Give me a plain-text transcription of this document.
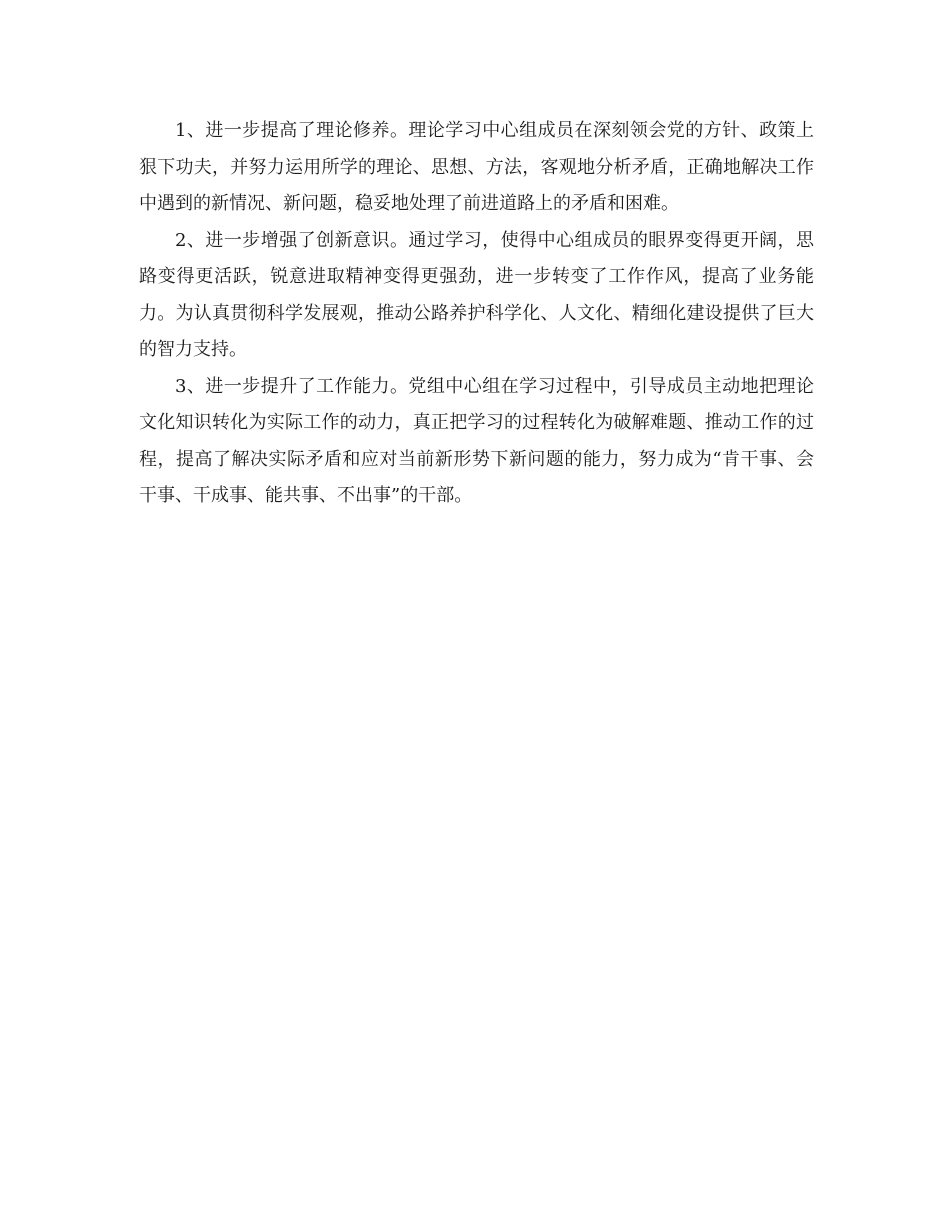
1、进一步提高了理论修养。理论学习中心组成员在深刻领会党的方针、政策上狠下功夫，并努力运用所学的理论、思想、方法，客观地分析矛盾，正确地解决工作中遇到的新情况、新问题，稳妥地处理了前进道路上的矛盾和困难。

2、进一步增强了创新意识。通过学习，使得中心组成员的眼界变得更开阔，思路变得更活跃，锐意进取精神变得更强劲，进一步转变了工作作风，提高了业务能力。为认真贯彻科学发展观，推动公路养护科学化、人文化、精细化建设提供了巨大的智力支持。

3、进一步提升了工作能力。党组中心组在学习过程中，引导成员主动地把理论文化知识转化为实际工作的动力，真正把学习的过程转化为破解难题、推动工作的过程，提高了解决实际矛盾和应对当前新形势下新问题的能力，努力成为“肯干事、会干事、干成事、能共事、不出事”的干部。
